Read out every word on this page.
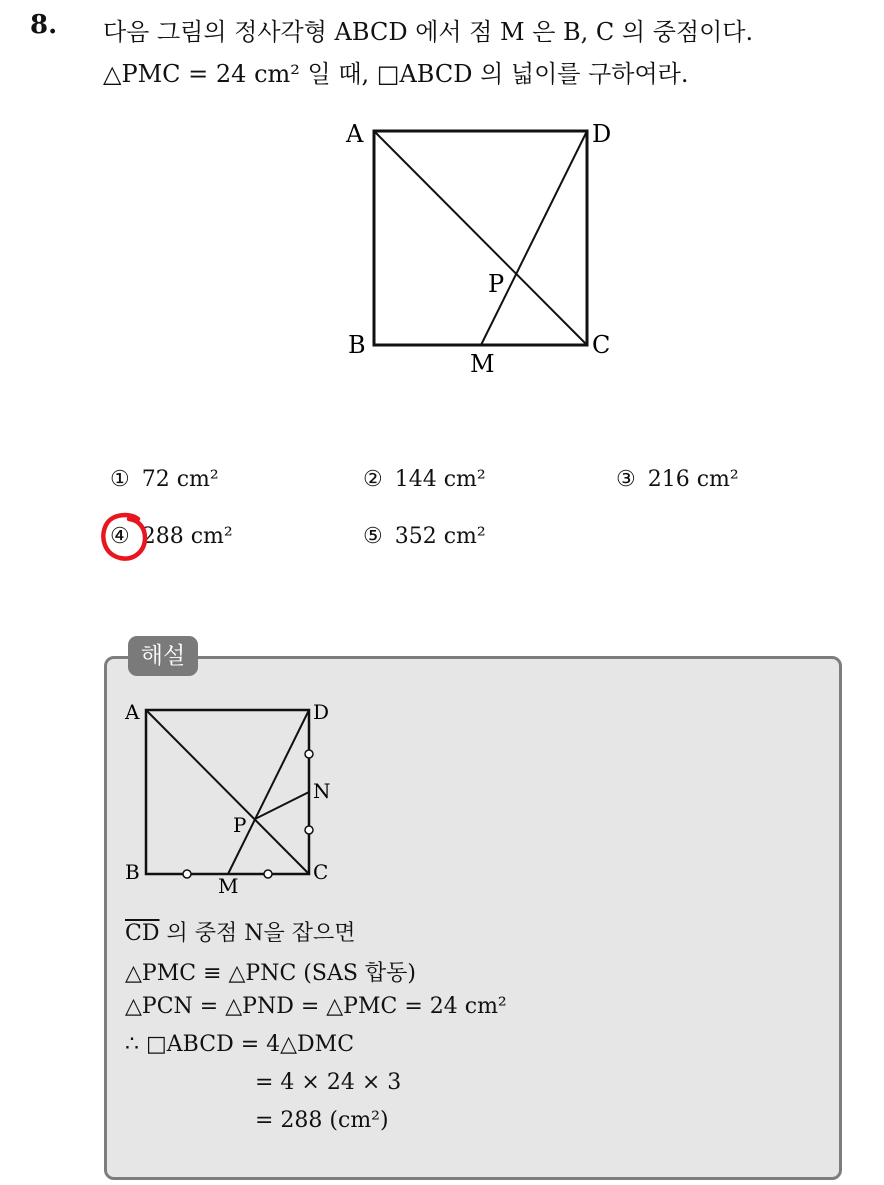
8. 다음 그림의 정사각형 ABCD 에서 점 M 은 B, C 의 중점이다.
△PMC = 24 cm² 일 때, □ABCD 의 넓이를 구하여라.
A	D
B	C
M
P
① 72 cm²	② 144 cm²	③ 216 cm²
④ 288 cm²	⑤ 352 cm²
해설
A	D
B	C
M
P
N
$\overline{CD}$ 의 중점 N을 잡으면
△PMC ≡ △PNC (SAS 합동)
△PCN = △PND = △PMC = 24 cm²
∴ □ABCD = 4△DMC
= 4 × 24 × 3
= 288 (cm²)
